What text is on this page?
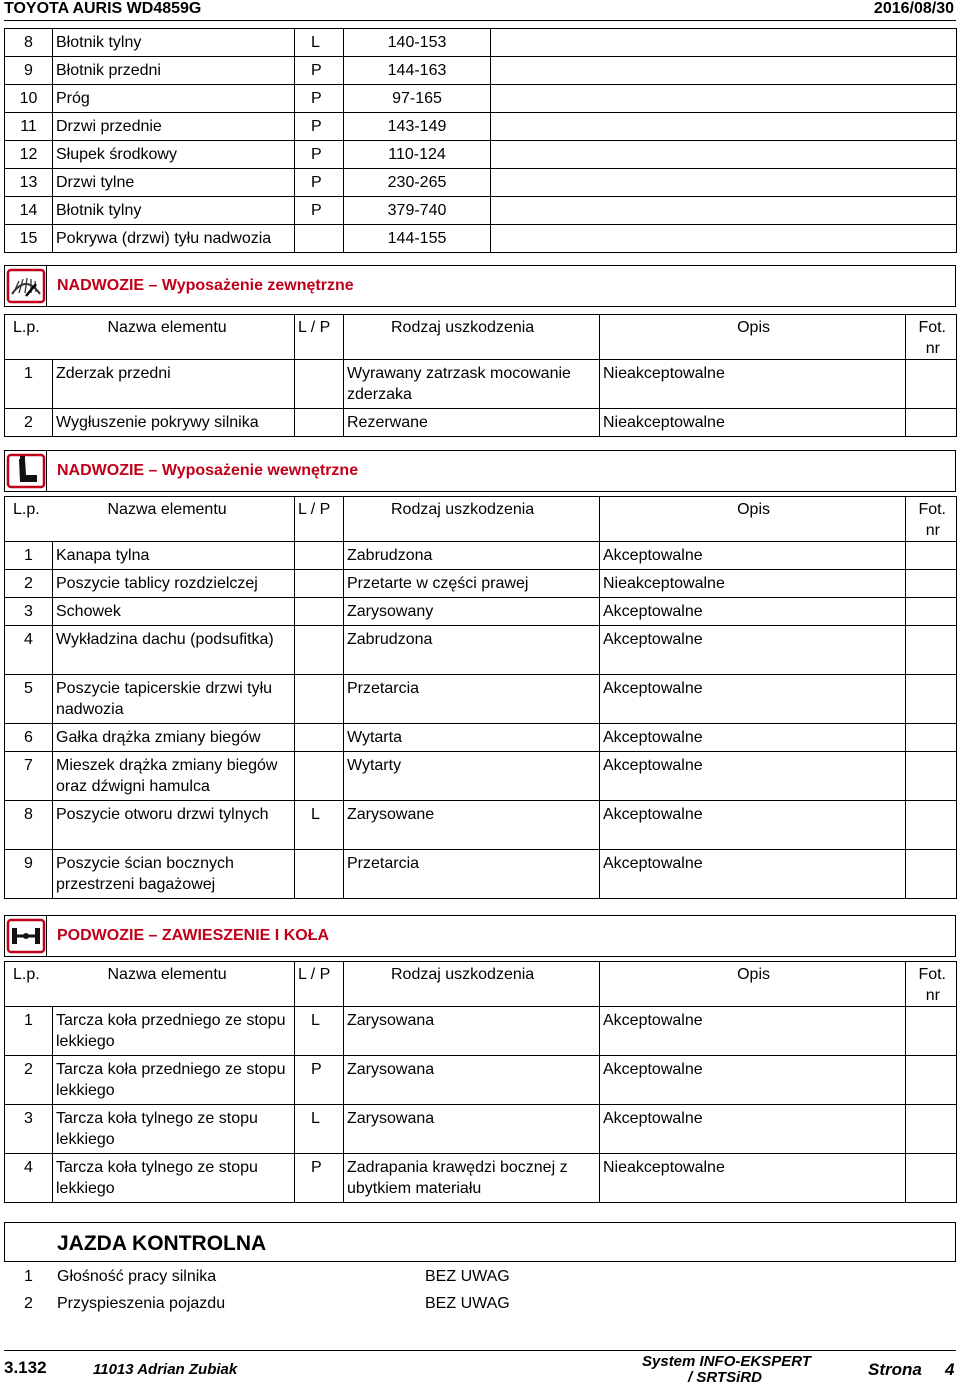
TOYOTA AURIS WD4859G	2016/08/30
8	Błotnik tylny	L	140-153	
9	Błotnik przedni	P	144-163	
10	Próg	P	97-165	
11	Drzwi przednie	P	143-149	
12	Słupek środkowy	P	110-124	
13	Drzwi tylne	P	230-265	
14	Błotnik tylny	P	379-740	
15	Pokrywa (drzwi) tyłu nadwozia		144-155	
NADWOZIE – Wyposażenie zewnętrzne
L.p.	Nazwa elementu	L / P	Rodzaj uszkodzenia	Opis	Fot.
nr

1	Zderzak przedni		Wyrawany zatrzask mocowanie zderzaka	Nieakceptowalne	
2	Wygłuszenie pokrywy silnika		Rezerwane	Nieakceptowalne	
NADWOZIE – Wyposażenie wewnętrzne
L.p.	Nazwa elementu	L / P	Rodzaj uszkodzenia	Opis	Fot.
nr

1	Kanapa tylna		Zabrudzona	Akceptowalne	
2	Poszycie tablicy rozdzielczej		Przetarte w części prawej	Nieakceptowalne	
3	Schowek		Zarysowany	Akceptowalne	
4	Wykładzina dachu (podsufitka)		Zabrudzona	Akceptowalne	
5	Poszycie tapicerskie drzwi tyłu nadwozia		Przetarcia	Akceptowalne	
6	Gałka drążka zmiany biegów		Wytarta	Akceptowalne	
7	Mieszek drążka zmiany biegów oraz dźwigni hamulca		Wytarty	Akceptowalne	
8	Poszycie otworu drzwi tylnych	L	Zarysowane	Akceptowalne	
9	Poszycie ścian bocznych przestrzeni bagażowej		Przetarcia	Akceptowalne	
PODWOZIE – ZAWIESZENIE I KOŁA
L.p.	Nazwa elementu	L / P	Rodzaj uszkodzenia	Opis	Fot.
nr

1	Tarcza koła przedniego ze stopu lekkiego	L	Zarysowana	Akceptowalne	
2	Tarcza koła przedniego ze stopu lekkiego	P	Zarysowana	Akceptowalne	
3	Tarcza koła tylnego ze stopu lekkiego	L	Zarysowana	Akceptowalne	
4	Tarcza koła tylnego ze stopu lekkiego	P	Zadrapania krawędzi bocznej z ubytkiem materiału	Nieakceptowalne	
JAZDA KONTROLNA
1 Głośność pracy silnika	BEZ UWAG
2 Przyspieszenia pojazdu	BEZ UWAG
3.132	11013 Adrian Zubiak	System INFO-EKSPERT
/ SRTSiRD	Strona 4
